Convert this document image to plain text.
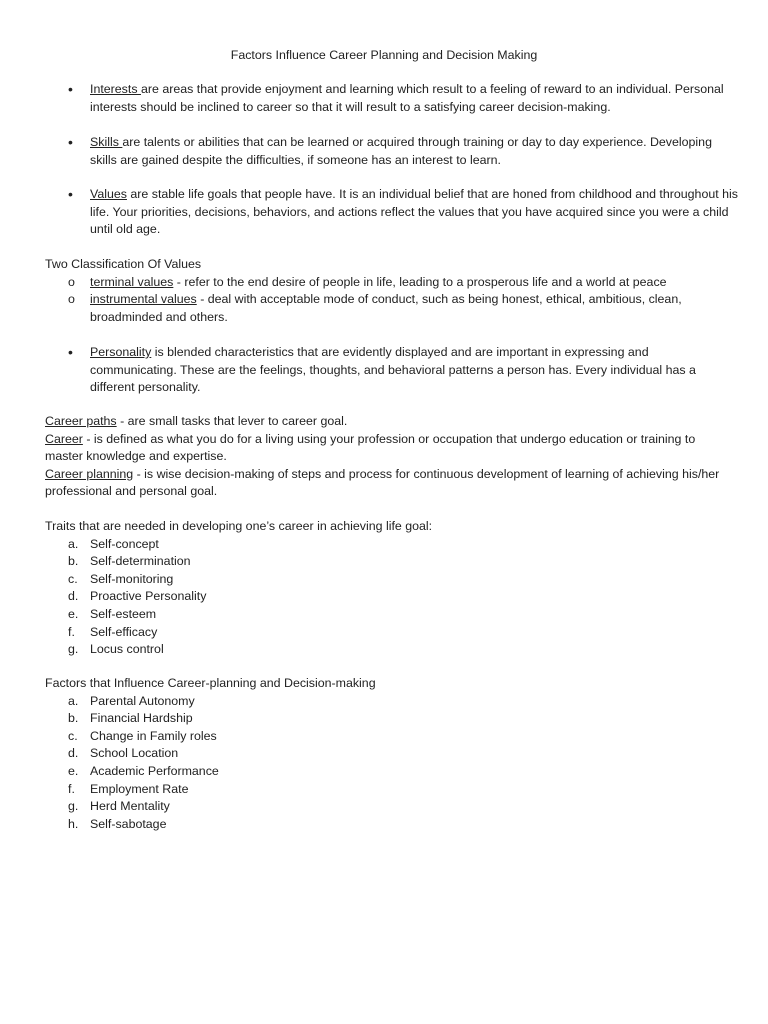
Factors Influence Career Planning and Decision Making
• Interests are areas that provide enjoyment and learning which result to a feeling of reward to an individual. Personal interests should be inclined to career so that it will result to a satisfying career decision-making.
• Skills are talents or abilities that can be learned or acquired through training or day to day experience. Developing skills are gained despite the difficulties, if someone has an interest to learn.
• Values are stable life goals that people have. It is an individual belief that are honed from childhood and throughout his life. Your priorities, decisions, behaviors, and actions reflect the values that you have acquired since you were a child until old age.
Two Classification Of Values
o terminal values - refer to the end desire of people in life, leading to a prosperous life and a world at peace
o instrumental values - deal with acceptable mode of conduct, such as being honest, ethical, ambitious, clean, broadminded and others.
• Personality is blended characteristics that are evidently displayed and are important in expressing and communicating. These are the feelings, thoughts, and behavioral patterns a person has. Every individual has a different personality.
Career paths - are small tasks that lever to career goal.
Career - is defined as what you do for a living using your profession or occupation that undergo education or training to master knowledge and expertise.
Career planning - is wise decision-making of steps and process for continuous development of learning of achieving his/her professional and personal goal.
Traits that are needed in developing one’s career in achieving life goal:
a. Self-concept
b. Self-determination
c. Self-monitoring
d. Proactive Personality
e. Self-esteem
f. Self-efficacy
g. Locus control
Factors that Influence Career-planning and Decision-making
a. Parental Autonomy
b. Financial Hardship
c. Change in Family roles
d. School Location
e. Academic Performance
f. Employment Rate
g. Herd Mentality
h. Self-sabotage
